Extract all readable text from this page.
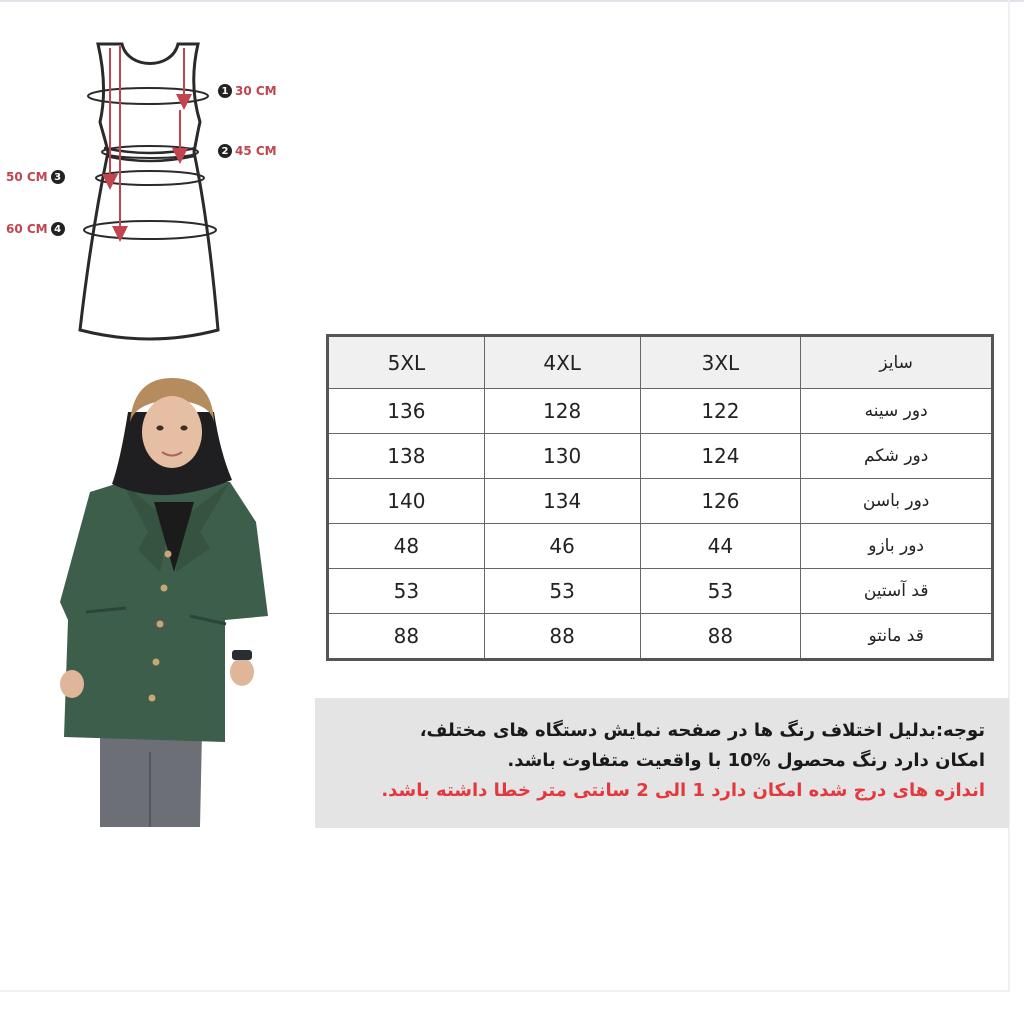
1 30 CM
2 45 CM
50 CM 3
60 CM 4
5XL	4XL	3XL	سایز
136	128	122	دور سینه
138	130	124	دور شکم
140	134	126	دور باسن
48	46	44	دور بازو
53	53	53	قد آستین
88	88	88	قد مانتو
توجه:بدلیل اختلاف رنگ ها در صفحه نمایش دستگاه های مختلف،
امکان دارد رنگ محصول %10 با واقعیت متفاوت باشد.
اندازه های درج شده امکان دارد 1 الی 2 سانتی متر خطا داشته باشد.
